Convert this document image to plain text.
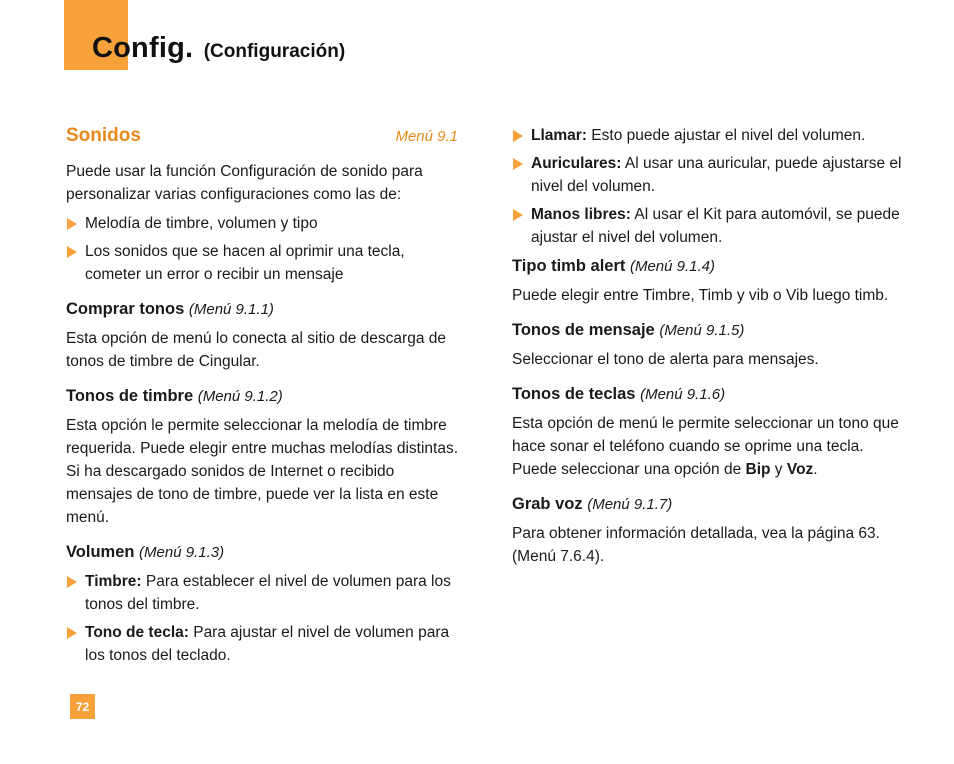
Config. (Configuración)
Sonidos	Menú 9.1

Puede usar la función Configuración de sonido para personalizar varias configuraciones como las de:

Melodía de timbre, volumen y tipo
Los sonidos que se hacen al oprimir una tecla, cometer un error o recibir un mensaje
Comprar tonos (Menú 9.1.1)

Esta opción de menú lo conecta al sitio de descarga de tonos de timbre de Cingular.

Tonos de timbre (Menú 9.1.2)

Esta opción le permite seleccionar la melodía de timbre requerida. Puede elegir entre muchas melodías distintas. Si ha descargado sonidos de Internet o recibido mensajes de tono de timbre, puede ver la lista en este menú.

Volumen (Menú 9.1.3)
Timbre: Para establecer el nivel de volumen para los tonos del timbre.
Tono de tecla: Para ajustar el nivel de volumen para los tonos del teclado.
Llamar: Esto puede ajustar el nivel del volumen.
Auriculares: Al usar una auricular, puede ajustarse el nivel del volumen.
Manos libres: Al usar el Kit para automóvil, se puede ajustar el nivel del volumen.
Tipo timb alert (Menú 9.1.4)

Puede elegir entre Timbre, Timb y vib o Vib luego timb.

Tonos de mensaje (Menú 9.1.5)

Seleccionar el tono de alerta para mensajes.

Tonos de teclas (Menú 9.1.6)

Esta opción de menú le permite seleccionar un tono que hace sonar el teléfono cuando se oprime una tecla. Puede seleccionar una opción de Bip y Voz.

Grab voz (Menú 9.1.7)

Para obtener información detallada, vea la página 63. (Menú 7.6.4).

72
